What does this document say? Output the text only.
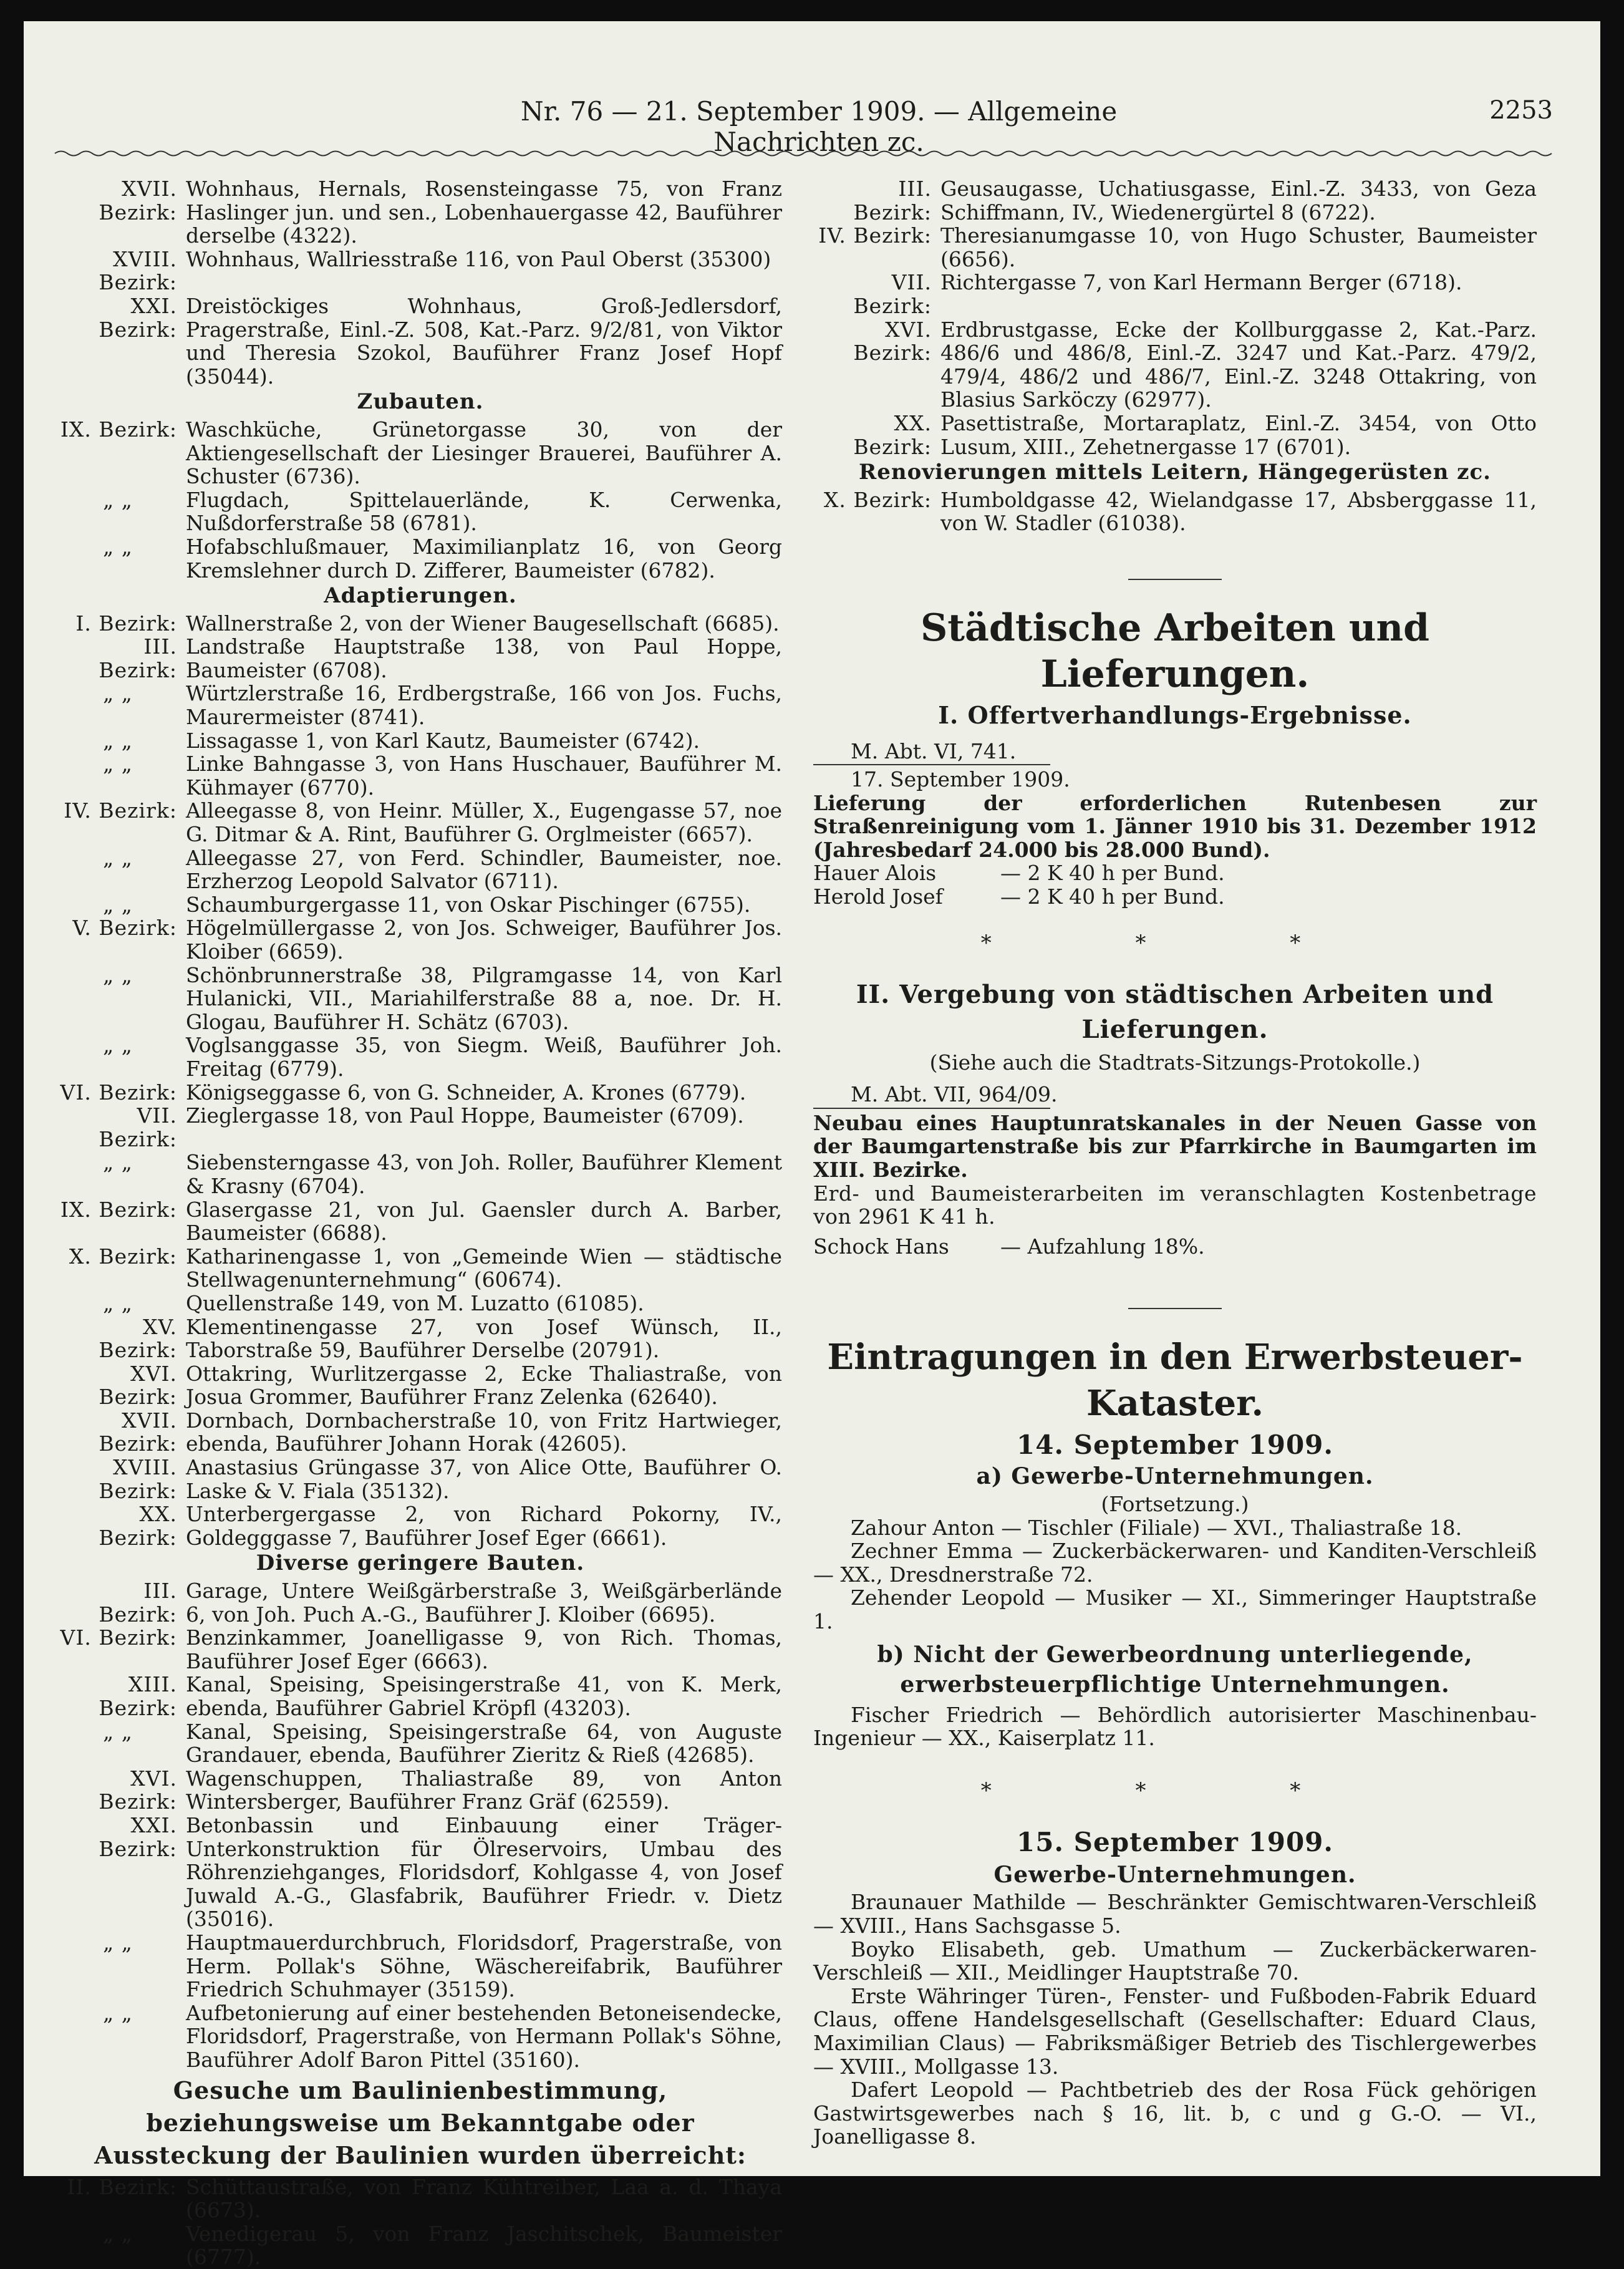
Nr. 76 — 21. September 1909. — Allgemeine Nachrichten zc.
2253
XVII. Bezirk:
Wohnhaus, Hernals, Rosensteingasse 75, von Franz Haslinger jun. und sen., Lobenhauergasse 42, Bauführer derselbe (4322).
XVIII. Bezirk:
Wohnhaus, Wallriesstraße 116, von Paul Oberst (35300)
XXI. Bezirk:
Dreistöckiges Wohnhaus, Groß-Jedlersdorf, Pragerstraße, Einl.-Z. 508, Kat.-Parz. 9/2/81, von Viktor und Theresia Szokol, Bauführer Franz Josef Hopf (35044).
Zubauten.
IX. Bezirk: Waschküche, Grünetorgasse 30, von der Aktiengesellschaft der Liesinger Brauerei, Bauführer A. Schuster (6736).
„ „	Flugdach, Spittelauerlände, K. Cerwenka, Nußdorferstraße 58 (6781).
„ „	Hofabschlußmauer, Maximilianplatz 16, von Georg Kremslehner durch D. Zifferer, Baumeister (6782).
Adaptierungen.
I. Bezirk: Wallnerstraße 2, von der Wiener Baugesellschaft (6685).
III. Bezirk:
Landstraße Hauptstraße 138, von Paul Hoppe, Baumeister (6708).
„ „	Würtzlerstraße 16, Erdbergstraße, 166 von Jos. Fuchs, Maurermeister (8741).
„ „	Lissagasse 1, von Karl Kautz, Baumeister (6742).
„ „	Linke Bahngasse 3, von Hans Huschauer, Bauführer M. Kühmayer (6770).
IV. Bezirk: Alleegasse 8, von Heinr. Müller, X., Eugengasse 57, noe G. Ditmar & A. Rint, Bauführer G. Orglmeister (6657).
„ „	Alleegasse 27, von Ferd. Schindler, Baumeister, noe. Erzherzog Leopold Salvator (6711).
„ „	Schaumburgergasse 11, von Oskar Pischinger (6755).
V. Bezirk: Högelmüllergasse 2, von Jos. Schweiger, Bauführer Jos. Kloiber (6659).
„ „	Schönbrunnerstraße 38, Pilgramgasse 14, von Karl Hulanicki, VII., Mariahilferstraße 88 a, noe. Dr. H. Glogau, Bauführer H. Schätz (6703).
„ „	Voglsanggasse 35, von Siegm. Weiß, Bauführer Joh. Freitag (6779).
VI. Bezirk: Königseggasse 6, von G. Schneider, A. Krones (6779).
VII. Bezirk:
Zieglergasse 18, von Paul Hoppe, Baumeister (6709).
„ „	Siebensterngasse 43, von Joh. Roller, Bauführer Klement & Krasny (6704).
IX. Bezirk: Glasergasse 21, von Jul. Gaensler durch A. Barber, Baumeister (6688).
X. Bezirk: Katharinengasse 1, von „Gemeinde Wien — städtische Stellwagenunternehmung“ (60674).
„ „	Quellenstraße 149, von M. Luzatto (61085).
XV. Bezirk:
Klementinengasse 27, von Josef Wünsch, II., Taborstraße 59, Bauführer Derselbe (20791).
XVI. Bezirk:
Ottakring, Wurlitzergasse 2, Ecke Thaliastraße, von Josua Grommer, Bauführer Franz Zelenka (62640).
XVII. Bezirk:
Dornbach, Dornbacherstraße 10, von Fritz Hartwieger, ebenda, Bauführer Johann Horak (42605).
XVIII. Bezirk:
Anastasius Grüngasse 37, von Alice Otte, Bauführer O. Laske & V. Fiala (35132).
XX. Bezirk:
Unterbergergasse 2, von Richard Pokorny, IV., Goldegggasse 7, Bauführer Josef Eger (6661).
Diverse geringere Bauten.
III. Bezirk:
Garage, Untere Weißgärberstraße 3, Weißgärberlände 6, von Joh. Puch A.-G., Bauführer J. Kloiber (6695).
VI. Bezirk: Benzinkammer, Joanelligasse 9, von Rich. Thomas, Bauführer Josef Eger (6663).
XIII. Bezirk:
Kanal, Speising, Speisingerstraße 41, von K. Merk, ebenda, Bauführer Gabriel Kröpfl (43203).
„ „	Kanal, Speising, Speisingerstraße 64, von Auguste Grandauer, ebenda, Bauführer Zieritz & Rieß (42685).
XVI. Bezirk:
Wagenschuppen, Thaliastraße 89, von Anton Wintersberger, Bauführer Franz Gräf (62559).
XXI. Bezirk:
Betonbassin und Einbauung einer Träger-Unterkonstruktion für Ölreservoirs, Umbau des Röhrenziehganges, Floridsdorf, Kohlgasse 4, von Josef Juwald A.-G., Glasfabrik, Bauführer Friedr. v. Dietz (35016).
„ „	Hauptmauerdurchbruch, Floridsdorf, Pragerstraße, von Herm. Pollak's Söhne, Wäschereifabrik, Bauführer Friedrich Schuhmayer (35159).
„ „	Aufbetonierung auf einer bestehenden Betoneisendecke, Floridsdorf, Pragerstraße, von Hermann Pollak's Söhne, Bauführer Adolf Baron Pittel (35160).
Gesuche um Baulinienbestimmung, beziehungsweise um Bekanntgabe oder Aussteckung der Baulinien wurden überreicht:
II. Bezirk: Schüttaustraße, von Franz Kühtreiber, Laa a. d. Thaya (6673).
„ „	Venedigerau 5, von Franz Jaschitschek, Baumeister (6777).
III. Bezirk:
Geusaugasse, Uchatiusgasse, Einl.-Z. 3433, von Geza Schiffmann, IV., Wiedenergürtel 8 (6722).
IV. Bezirk: Theresianumgasse 10, von Hugo Schuster, Baumeister (6656).
VII. Bezirk:
Richtergasse 7, von Karl Hermann Berger (6718).
XVI. Bezirk:
Erdbrustgasse, Ecke der Kollburggasse 2, Kat.-Parz. 486/6 und 486/8, Einl.-Z. 3247 und Kat.-Parz. 479/2, 479/4, 486/2 und 486/7, Einl.-Z. 3248 Ottakring, von Blasius Sarköczy (62977).
XX. Bezirk:
Pasettistraße, Mortaraplatz, Einl.-Z. 3454, von Otto Lusum, XIII., Zehetnergasse 17 (6701).
Renovierungen mittels Leitern, Hängegerüsten zc.
X. Bezirk: Humboldgasse 42, Wielandgasse 17, Absberggasse 11, von W. Stadler (61038).
Städtische Arbeiten und Lieferungen.
I. Offertverhandlungs-Ergebnisse.
M. Abt. VI, 741.
17. September 1909.
Lieferung der erforderlichen Rutenbesen zur Straßenreinigung vom 1. Jänner 1910 bis 31. Dezember 1912 (Jahresbedarf 24.000 bis 28.000 Bund).
Hauer Alois	— 2 K 40 h per Bund.
Herold Josef	— 2 K 40 h per Bund.
* * *
II. Vergebung von städtischen Arbeiten und Lieferungen.
(Siehe auch die Stadtrats-Sitzungs-Protokolle.)
M. Abt. VII, 964/09.
Neubau eines Hauptunratskanales in der Neuen Gasse von der Baumgartenstraße bis zur Pfarrkirche in Baumgarten im XIII. Bezirke.
Erd- und Baumeisterarbeiten im veranschlagten Kostenbetrage von 2961 K 41 h.
Schock Hans	— Aufzahlung 18%.
Eintragungen in den Erwerbsteuer-Kataster.
14. September 1909.
a) Gewerbe-Unternehmungen.
(Fortsetzung.)
Zahour Anton — Tischler (Filiale) — XVI., Thaliastraße 18.
Zechner Emma — Zuckerbäckerwaren- und Kanditen-Verschleiß — XX., Dresdnerstraße 72.
Zehender Leopold — Musiker — XI., Simmeringer Hauptstraße 1.
b) Nicht der Gewerbeordnung unterliegende, erwerbsteuerpflichtige Unternehmungen.
Fischer Friedrich — Behördlich autorisierter Maschinenbau-Ingenieur — XX., Kaiserplatz 11.
* * *
15. September 1909.
Gewerbe-Unternehmungen.
Braunauer Mathilde — Beschränkter Gemischtwaren-Verschleiß — XVIII., Hans Sachsgasse 5.
Boyko Elisabeth, geb. Umathum — Zuckerbäckerwaren-Verschleiß — XII., Meidlinger Hauptstraße 70.
Erste Währinger Türen-, Fenster- und Fußboden-Fabrik Eduard Claus, offene Handelsgesellschaft (Gesellschafter: Eduard Claus, Maximilian Claus) — Fabriksmäßiger Betrieb des Tischlergewerbes — XVIII., Mollgasse 13.
Dafert Leopold — Pachtbetrieb des der Rosa Fück gehörigen Gastwirtsgewerbes nach § 16, lit. b, c und g G.-O. — VI., Joanelligasse 8.
